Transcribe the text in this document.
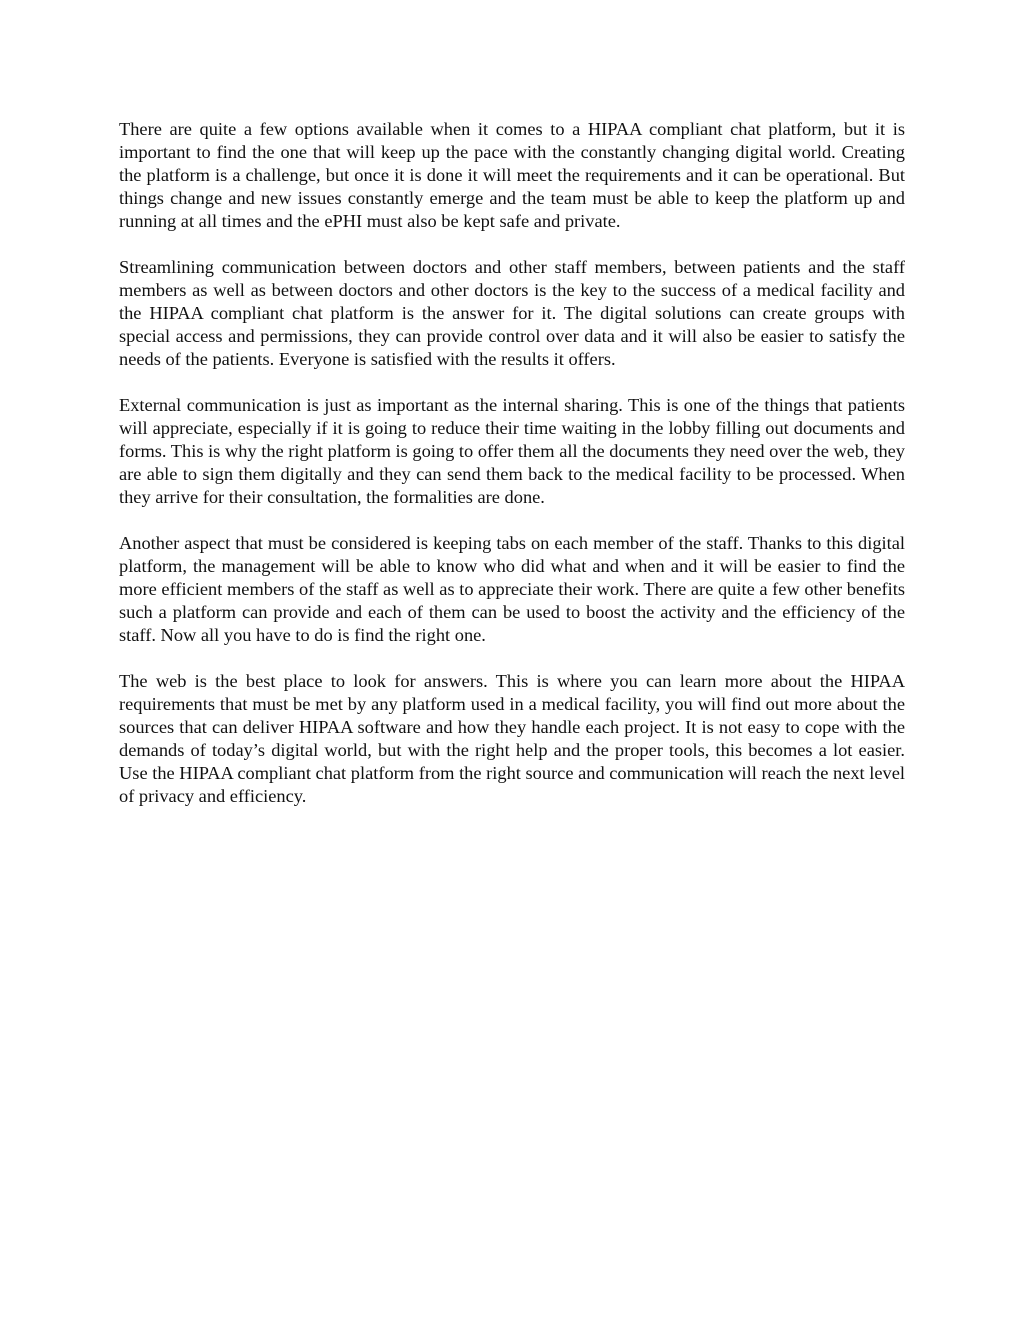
There are quite a few options available when it comes to a HIPAA compliant chat platform, but it is important to find the one that will keep up the pace with the constantly changing digital world. Creating the platform is a challenge, but once it is done it will meet the requirements and it can be operational. But things change and new issues constantly emerge and the team must be able to keep the platform up and running at all times and the ePHI must also be kept safe and private.

Streamlining communication between doctors and other staff members, between patients and the staff members as well as between doctors and other doctors is the key to the success of a medical facility and the HIPAA compliant chat platform is the answer for it. The digital solutions can create groups with special access and permissions, they can provide control over data and it will also be easier to satisfy the needs of the patients. Everyone is satisfied with the results it offers.

External communication is just as important as the internal sharing. This is one of the things that patients will appreciate, especially if it is going to reduce their time waiting in the lobby filling out documents and forms. This is why the right platform is going to offer them all the documents they need over the web, they are able to sign them digitally and they can send them back to the medical facility to be processed. When they arrive for their consultation, the formalities are done.

Another aspect that must be considered is keeping tabs on each member of the staff. Thanks to this digital platform, the management will be able to know who did what and when and it will be easier to find the more efficient members of the staff as well as to appreciate their work. There are quite a few other benefits such a platform can provide and each of them can be used to boost the activity and the efficiency of the staff. Now all you have to do is find the right one.

The web is the best place to look for answers. This is where you can learn more about the HIPAA requirements that must be met by any platform used in a medical facility, you will find out more about the sources that can deliver HIPAA software and how they handle each project. It is not easy to cope with the demands of today’s digital world, but with the right help and the proper tools, this becomes a lot easier. Use the HIPAA compliant chat platform from the right source and communication will reach the next level of privacy and efficiency.
